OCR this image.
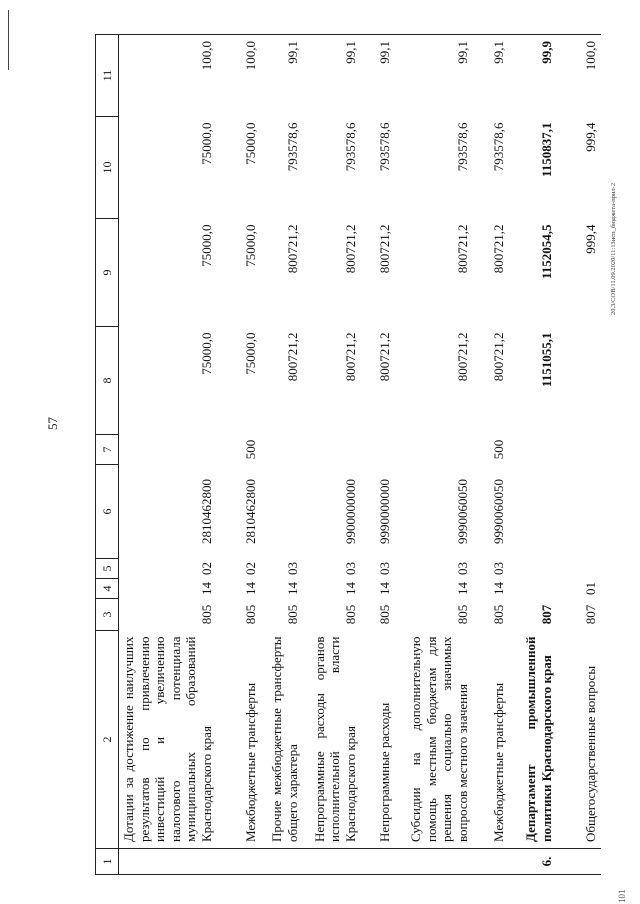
57
20.3/СОВ/11.09.2020/11:13исп_бюджета-прил-2
101
1	2	3	4	5	6	7	8	9	10	11
	Дотации за достижение наилучших результатов по привлечению инвестиций и увеличению налогового потенциала муниципальных образований Краснодарского края	805	14	02	2810462800		75000,0	75000,0	75000,0	100,0
	Межбюджетные трансферты	805	14	02	2810462800	500	75000,0	75000,0	75000,0	100,0
	Прочие межбюджетные трансферты общего характера	805	14	03			800721,2	800721,2	793578,6	99,1
	Непрограммные расходы органов исполнительной власти Краснодарского края	805	14	03	9900000000		800721,2	800721,2	793578,6	99,1
	Непрограммные расходы	805	14	03	9990000000		800721,2	800721,2	793578,6	99,1
	Субсидии на дополнительную помощь местным бюджетам для решения социально значимых вопросов местного значения	805	14	03	9990060050		800721,2	800721,2	793578,6	99,1
	Межбюджетные трансферты	805	14	03	9990060050	500	800721,2	800721,2	793578,6	99,1
6.	Департамент промышленной политики Краснодарского края	807					1151055,1	1152054,5	1150837,1	99,9
	Общегосударственные вопросы	807	01					999,4	999,4	100,0
